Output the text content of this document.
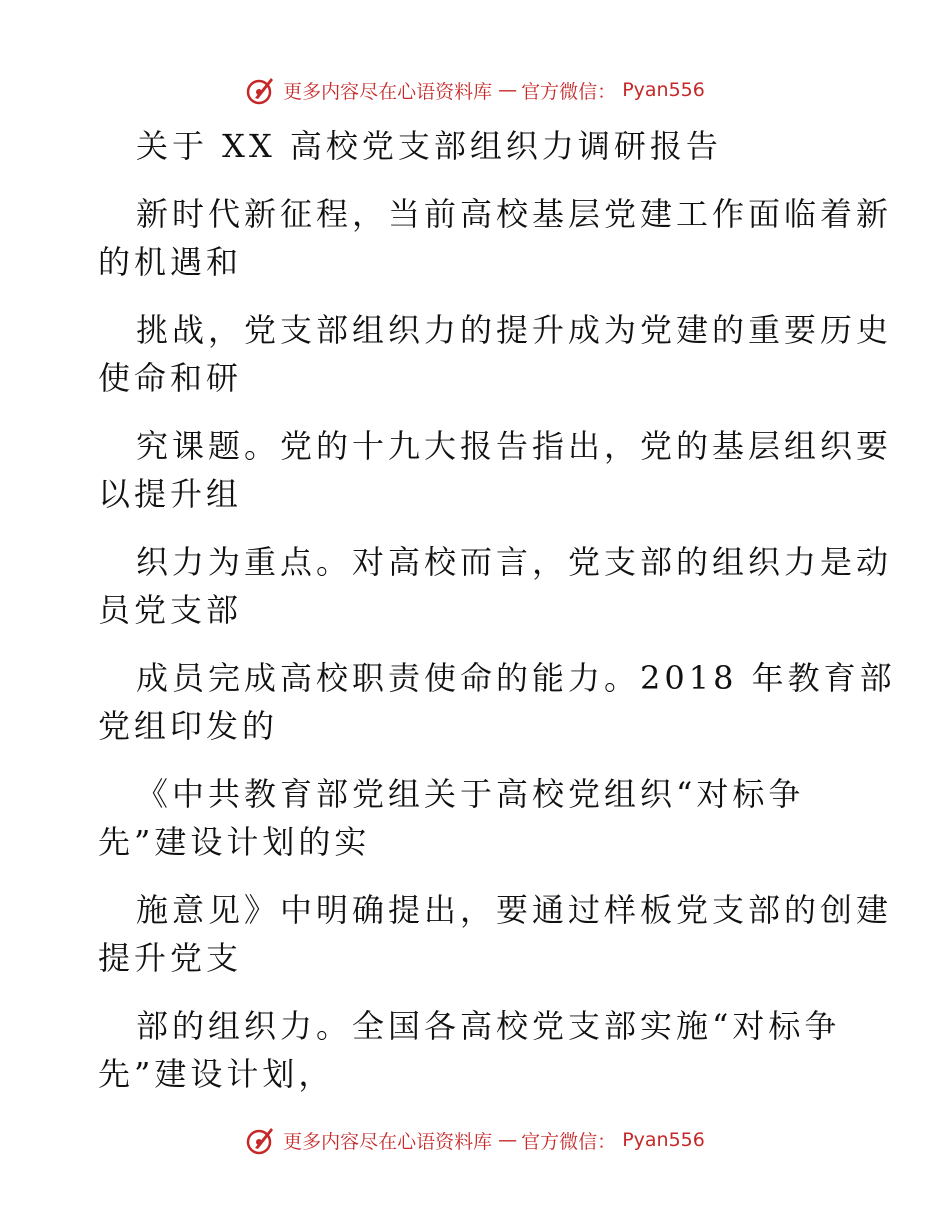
更多内容尽在心语资料库 — 官方微信： Pyan556
关于 XX 高校党支部组织力调研报告
新时代新征程，当前高校基层党建工作面临着新
的机遇和
挑战，党支部组织力的提升成为党建的重要历史
使命和研
究课题。党的十九大报告指出，党的基层组织要
以提升组
织力为重点。对高校而言，党支部的组织力是动
员党支部
成员完成高校职责使命的能力。2018 年教育部
党组印发的
《中共教育部党组关于高校党组织“对标争
先”建设计划的实
施意见》中明确提出，要通过样板党支部的创建
提升党支
部的组织力。全国各高校党支部实施“对标争
先”建设计划，
更多内容尽在心语资料库 — 官方微信： Pyan556
